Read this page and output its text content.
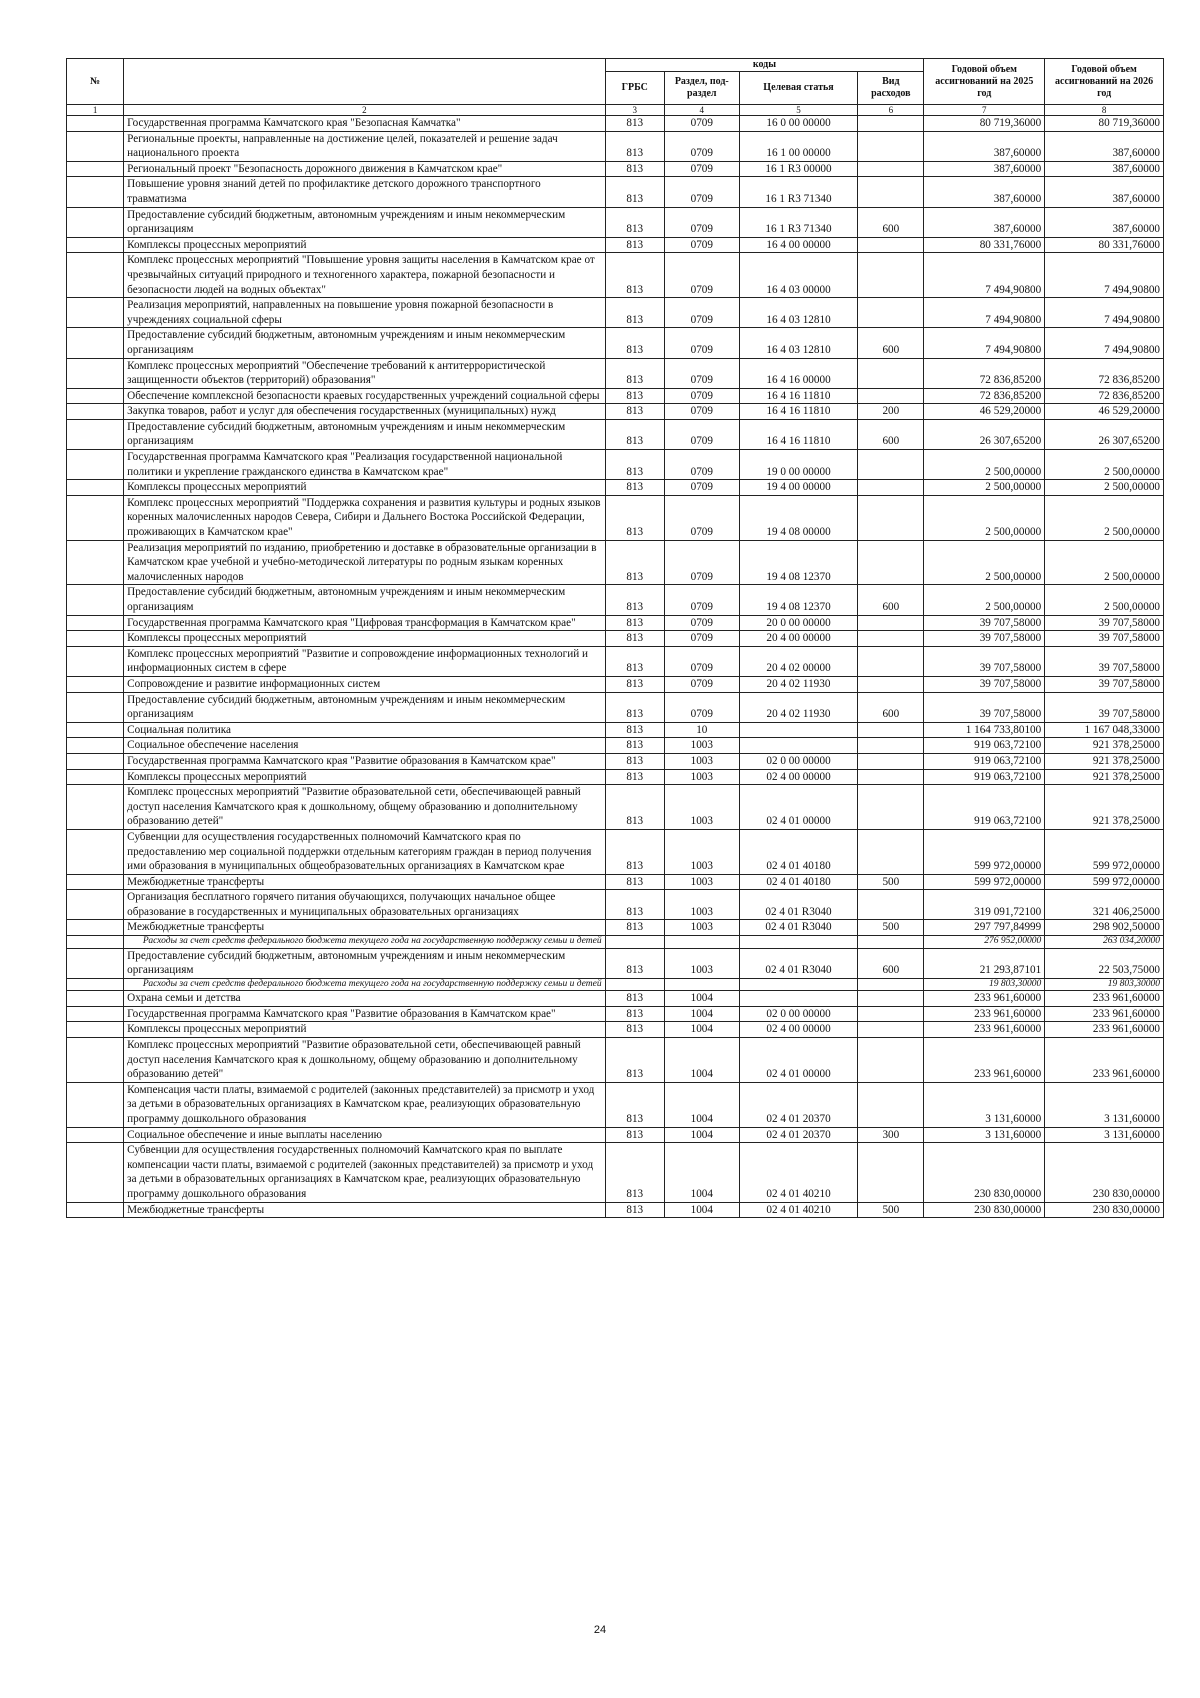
№		коды				Годовой объем ассигнований на 2025 год	Годовой объем ассигнований на 2026 год
		ГРБС	Раздел, под-раздел	Целевая статья	Вид расходов		
1	2	3	4	5	6	7	8
	Государственная программа Камчатского края "Безопасная Камчатка"	813	0709	16 0 00 00000		80 719,36000	80 719,36000
	Региональные проекты, направленные на достижение целей, показателей и решение задач национального проекта	813	0709	16 1 00 00000		387,60000	387,60000
	Региональный проект "Безопасность дорожного движения в Камчатском крае"	813	0709	16 1 R3 00000		387,60000	387,60000
	Повышение уровня знаний детей по профилактике детского дорожного транспортного травматизма	813	0709	16 1 R3 71340		387,60000	387,60000
	Предоставление субсидий бюджетным, автономным учреждениям и иным некоммерческим организациям	813	0709	16 1 R3 71340	600	387,60000	387,60000
	Комплексы процессных мероприятий	813	0709	16 4 00 00000		80 331,76000	80 331,76000
	Комплекс процессных мероприятий "Повышение уровня защиты населения в Камчатском крае от чрезвычайных ситуаций природного и техногенного характера, пожарной безопасности и безопасности людей на водных объектах"	813	0709	16 4 03 00000		7 494,90800	7 494,90800
	Реализация мероприятий, направленных на повышение уровня пожарной безопасности в учреждениях социальной сферы	813	0709	16 4 03 12810		7 494,90800	7 494,90800
	Предоставление субсидий бюджетным, автономным учреждениям и иным некоммерческим организациям	813	0709	16 4 03 12810	600	7 494,90800	7 494,90800
	Комплекс процессных мероприятий "Обеспечение требований к антитеррористической защищенности объектов (территорий) образования"	813	0709	16 4 16 00000		72 836,85200	72 836,85200
	Обеспечение комплексной безопасности краевых государственных учреждений социальной сферы	813	0709	16 4 16 11810		72 836,85200	72 836,85200
	Закупка товаров, работ и услуг для обеспечения государственных (муниципальных) нужд	813	0709	16 4 16 11810	200	46 529,20000	46 529,20000
	Предоставление субсидий бюджетным, автономным учреждениям и иным некоммерческим организациям	813	0709	16 4 16 11810	600	26 307,65200	26 307,65200
	Государственная программа Камчатского края "Реализация государственной национальной политики и укрепление гражданского единства в Камчатском крае"	813	0709	19 0 00 00000		2 500,00000	2 500,00000
	Комплексы процессных мероприятий	813	0709	19 4 00 00000		2 500,00000	2 500,00000
	Комплекс процессных мероприятий "Поддержка сохранения и развития культуры и родных языков коренных малочисленных народов Севера, Сибири и Дальнего Востока Российской Федерации, проживающих в Камчатском крае"	813	0709	19 4 08 00000		2 500,00000	2 500,00000
	Реализация мероприятий по изданию, приобретению и доставке в образовательные организации в Камчатском крае учебной и учебно-методической литературы по родным языкам коренных малочисленных народов	813	0709	19 4 08 12370		2 500,00000	2 500,00000
	Предоставление субсидий бюджетным, автономным учреждениям и иным некоммерческим организациям	813	0709	19 4 08 12370	600	2 500,00000	2 500,00000
	Государственная программа Камчатского края "Цифровая трансформация в Камчатском крае"	813	0709	20 0 00 00000		39 707,58000	39 707,58000
	Комплексы процессных мероприятий	813	0709	20 4 00 00000		39 707,58000	39 707,58000
	Комплекс процессных мероприятий "Развитие и сопровождение информационных технологий и информационных систем в сфере	813	0709	20 4 02 00000		39 707,58000	39 707,58000
	Сопровождение и развитие информационных систем	813	0709	20 4 02 11930		39 707,58000	39 707,58000
	Предоставление субсидий бюджетным, автономным учреждениям и иным некоммерческим организациям	813	0709	20 4 02 11930	600	39 707,58000	39 707,58000
	Социальная политика	813	10			1 164 733,80100	1 167 048,33000
	Социальное обеспечение населения	813	1003			919 063,72100	921 378,25000
	Государственная программа Камчатского края "Развитие образования в Камчатском крае"	813	1003	02 0 00 00000		919 063,72100	921 378,25000
	Комплексы процессных мероприятий	813	1003	02 4 00 00000		919 063,72100	921 378,25000
	Комплекс процессных мероприятий "Развитие образовательной сети, обеспечивающей равный доступ населения Камчатского края к дошкольному, общему образованию и дополнительному образованию детей"	813	1003	02 4 01 00000		919 063,72100	921 378,25000
	Субвенции для осуществления государственных полномочий Камчатского края по предоставлению мер социальной поддержки отдельным категориям граждан в период получения ими образования в муниципальных общеобразовательных организациях в Камчатском крае	813	1003	02 4 01 40180		599 972,00000	599 972,00000
	Межбюджетные трансферты	813	1003	02 4 01 40180	500	599 972,00000	599 972,00000
	Организация бесплатного горячего питания обучающихся, получающих начальное общее образование в государственных и муниципальных образовательных организациях	813	1003	02 4 01 R3040		319 091,72100	321 406,25000
	Межбюджетные трансферты	813	1003	02 4 01 R3040	500	297 797,84999	298 902,50000
	Расходы за счет средств федерального бюджета текущего года на государственную поддержку семьи и детей					276 952,00000	263 034,20000
	Предоставление субсидий бюджетным, автономным учреждениям и иным некоммерческим организациям	813	1003	02 4 01 R3040	600	21 293,87101	22 503,75000
	Расходы за счет средств федерального бюджета текущего года на государственную поддержку семьи и детей					19 803,30000	19 803,30000
	Охрана семьи и детства	813	1004			233 961,60000	233 961,60000
	Государственная программа Камчатского края "Развитие образования в Камчатском крае"	813	1004	02 0 00 00000		233 961,60000	233 961,60000
	Комплексы процессных мероприятий	813	1004	02 4 00 00000		233 961,60000	233 961,60000
	Комплекс процессных мероприятий "Развитие образовательной сети, обеспечивающей равный доступ населения Камчатского края к дошкольному, общему образованию и дополнительному образованию детей"	813	1004	02 4 01 00000		233 961,60000	233 961,60000
	Компенсация части платы, взимаемой с родителей (законных представителей) за присмотр и уход за детьми в образовательных организациях в Камчатском крае, реализующих образовательную программу дошкольного образования	813	1004	02 4 01 20370		3 131,60000	3 131,60000
	Социальное обеспечение и иные выплаты населению	813	1004	02 4 01 20370	300	3 131,60000	3 131,60000
	Субвенции для осуществления государственных полномочий Камчатского края по выплате компенсации части платы, взимаемой с родителей (законных представителей) за присмотр и уход за детьми в образовательных организациях в Камчатском крае, реализующих образовательную программу дошкольного образования	813	1004	02 4 01 40210		230 830,00000	230 830,00000
	Межбюджетные трансферты	813	1004	02 4 01 40210	500	230 830,00000	230 830,00000
24
